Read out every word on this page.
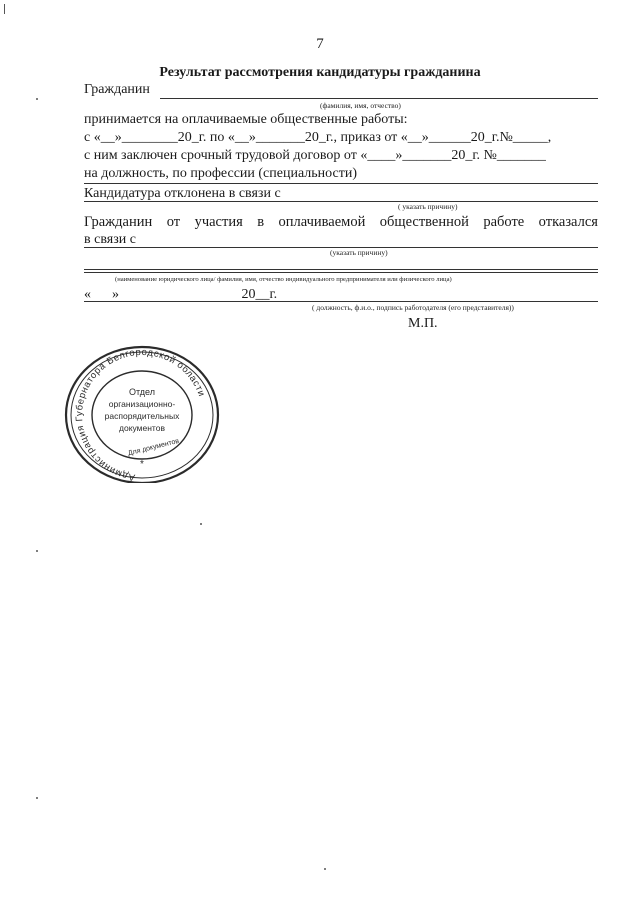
7
Результат рассмотрения кандидатуры гражданина
Гражданин
(фамилия, имя, отчество)
принимается на оплачиваемые общественные работы:
с «__»________20_г. по «__»_______20_г., приказ от «__»______20_г.№_____,
с ним заключен срочный трудовой договор от «____»_______20_г. №_______
на должность, по профессии (специальности)
Кандидатура отклонена в связи с
( указать причину)
Гражданин от участия в оплачиваемой общественной работе отказался
в связи с
(указать причину)
(наименование юридического лица/ фамилия, имя, отчество индивидуального предпринимателя или физического лица)
«      »                                   20__г.
( должность, ф.и.о., подпись работодателя (его представителя))
М.П.
Администрация Губернатора Белгородской области
Отдел
организационно-
распорядительных
документов
Для документов
*
